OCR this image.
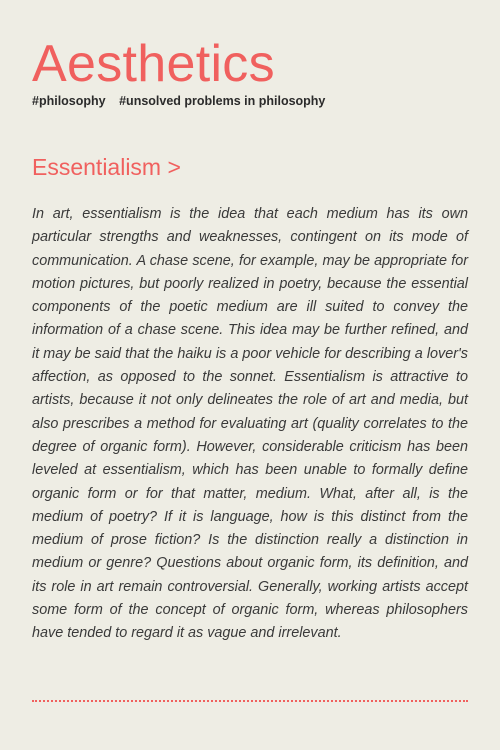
Aesthetics
#philosophy #unsolved problems in philosophy
Essentialism >

In art, essentialism is the idea that each medium has its own particular strengths and weaknesses, contingent on its mode of communication. A chase scene, for example, may be appropriate for motion pictures, but poorly realized in poetry, because the essential components of the poetic medium are ill suited to convey the information of a chase scene. This idea may be further refined, and it may be said that the haiku is a poor vehicle for describing a lover's affection, as opposed to the sonnet. Essentialism is attractive to artists, because it not only delineates the role of art and media, but also prescribes a method for evaluating art (quality correlates to the degree of organic form). However, considerable criticism has been leveled at essentialism, which has been unable to formally define organic form or for that matter, medium. What, after all, is the medium of poetry? If it is language, how is this distinct from the medium of prose fiction? Is the distinction really a distinction in medium or genre? Questions about organic form, its definition, and its role in art remain controversial. Generally, working artists accept some form of the concept of organic form, whereas philosophers have tended to regard it as vague and irrelevant.
